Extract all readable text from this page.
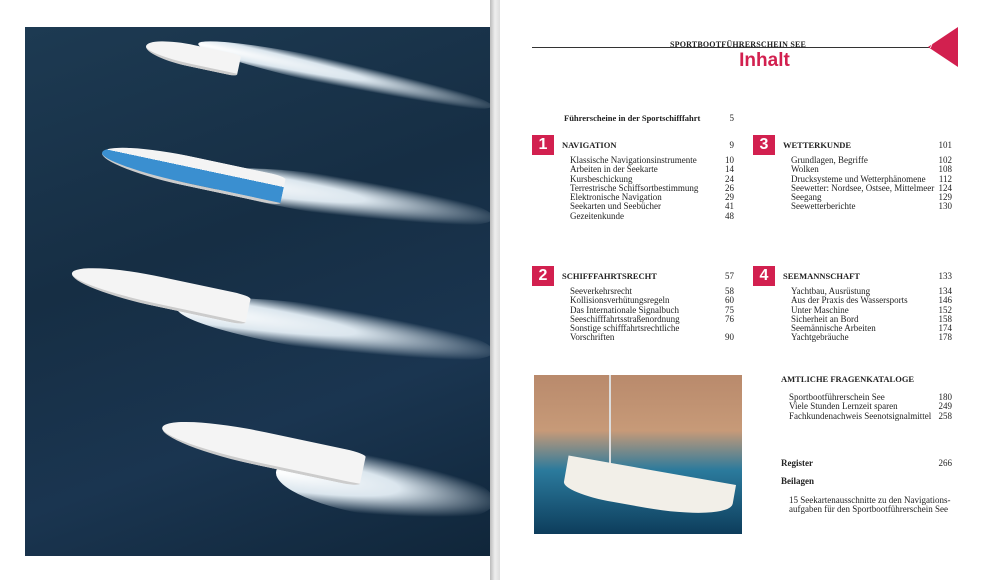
SPORTBOOTFÜHRERSCHEIN SEE	7
Inhalt
Führerscheine in der Sportschifffahrt	5
1	NAVIGATION	9
Klassische Navigationsinstrumente	10
Arbeiten in der Seekarte	14
Kursbeschickung	24
Terrestrische Schiffsortbestimmung	26
Elektronische Navigation	29
Seekarten und Seebücher	41
Gezeitenkunde	48
2	SCHIFFFAHRTSRECHT	57
Seeverkehrsrecht	58
Kollisionsverhütungsregeln	60
Das Internationale Signalbuch	75
Seeschifffahrtsstraßenordnung	76
Sonstige schifffahrtsrechtliche
Vorschriften	90
3	WETTERKUNDE	101
Grundlagen, Begriffe	102
Wolken	108
Drucksysteme und Wetterphänomene	112
Seewetter: Nordsee, Ostsee, Mittelmeer 124
Seegang	129
Seewetterberichte	130
4	SEEMANNSCHAFT	133
Yachtbau, Ausrüstung	134
Aus der Praxis des Wassersports	146
Unter Maschine	152
Sicherheit an Bord	158
Seemännische Arbeiten	174
Yachtgebräuche	178
AMTLICHE FRAGENKATALOGE
Sportbootführerschein See	180
Viele Stunden Lernzeit sparen	249
Fachkundenachweis Seenotsignalmittel 258
Register	266
Beilagen
15 Seekartenausschnitte zu den Navigations-
aufgaben für den Sportbootführerschein See
